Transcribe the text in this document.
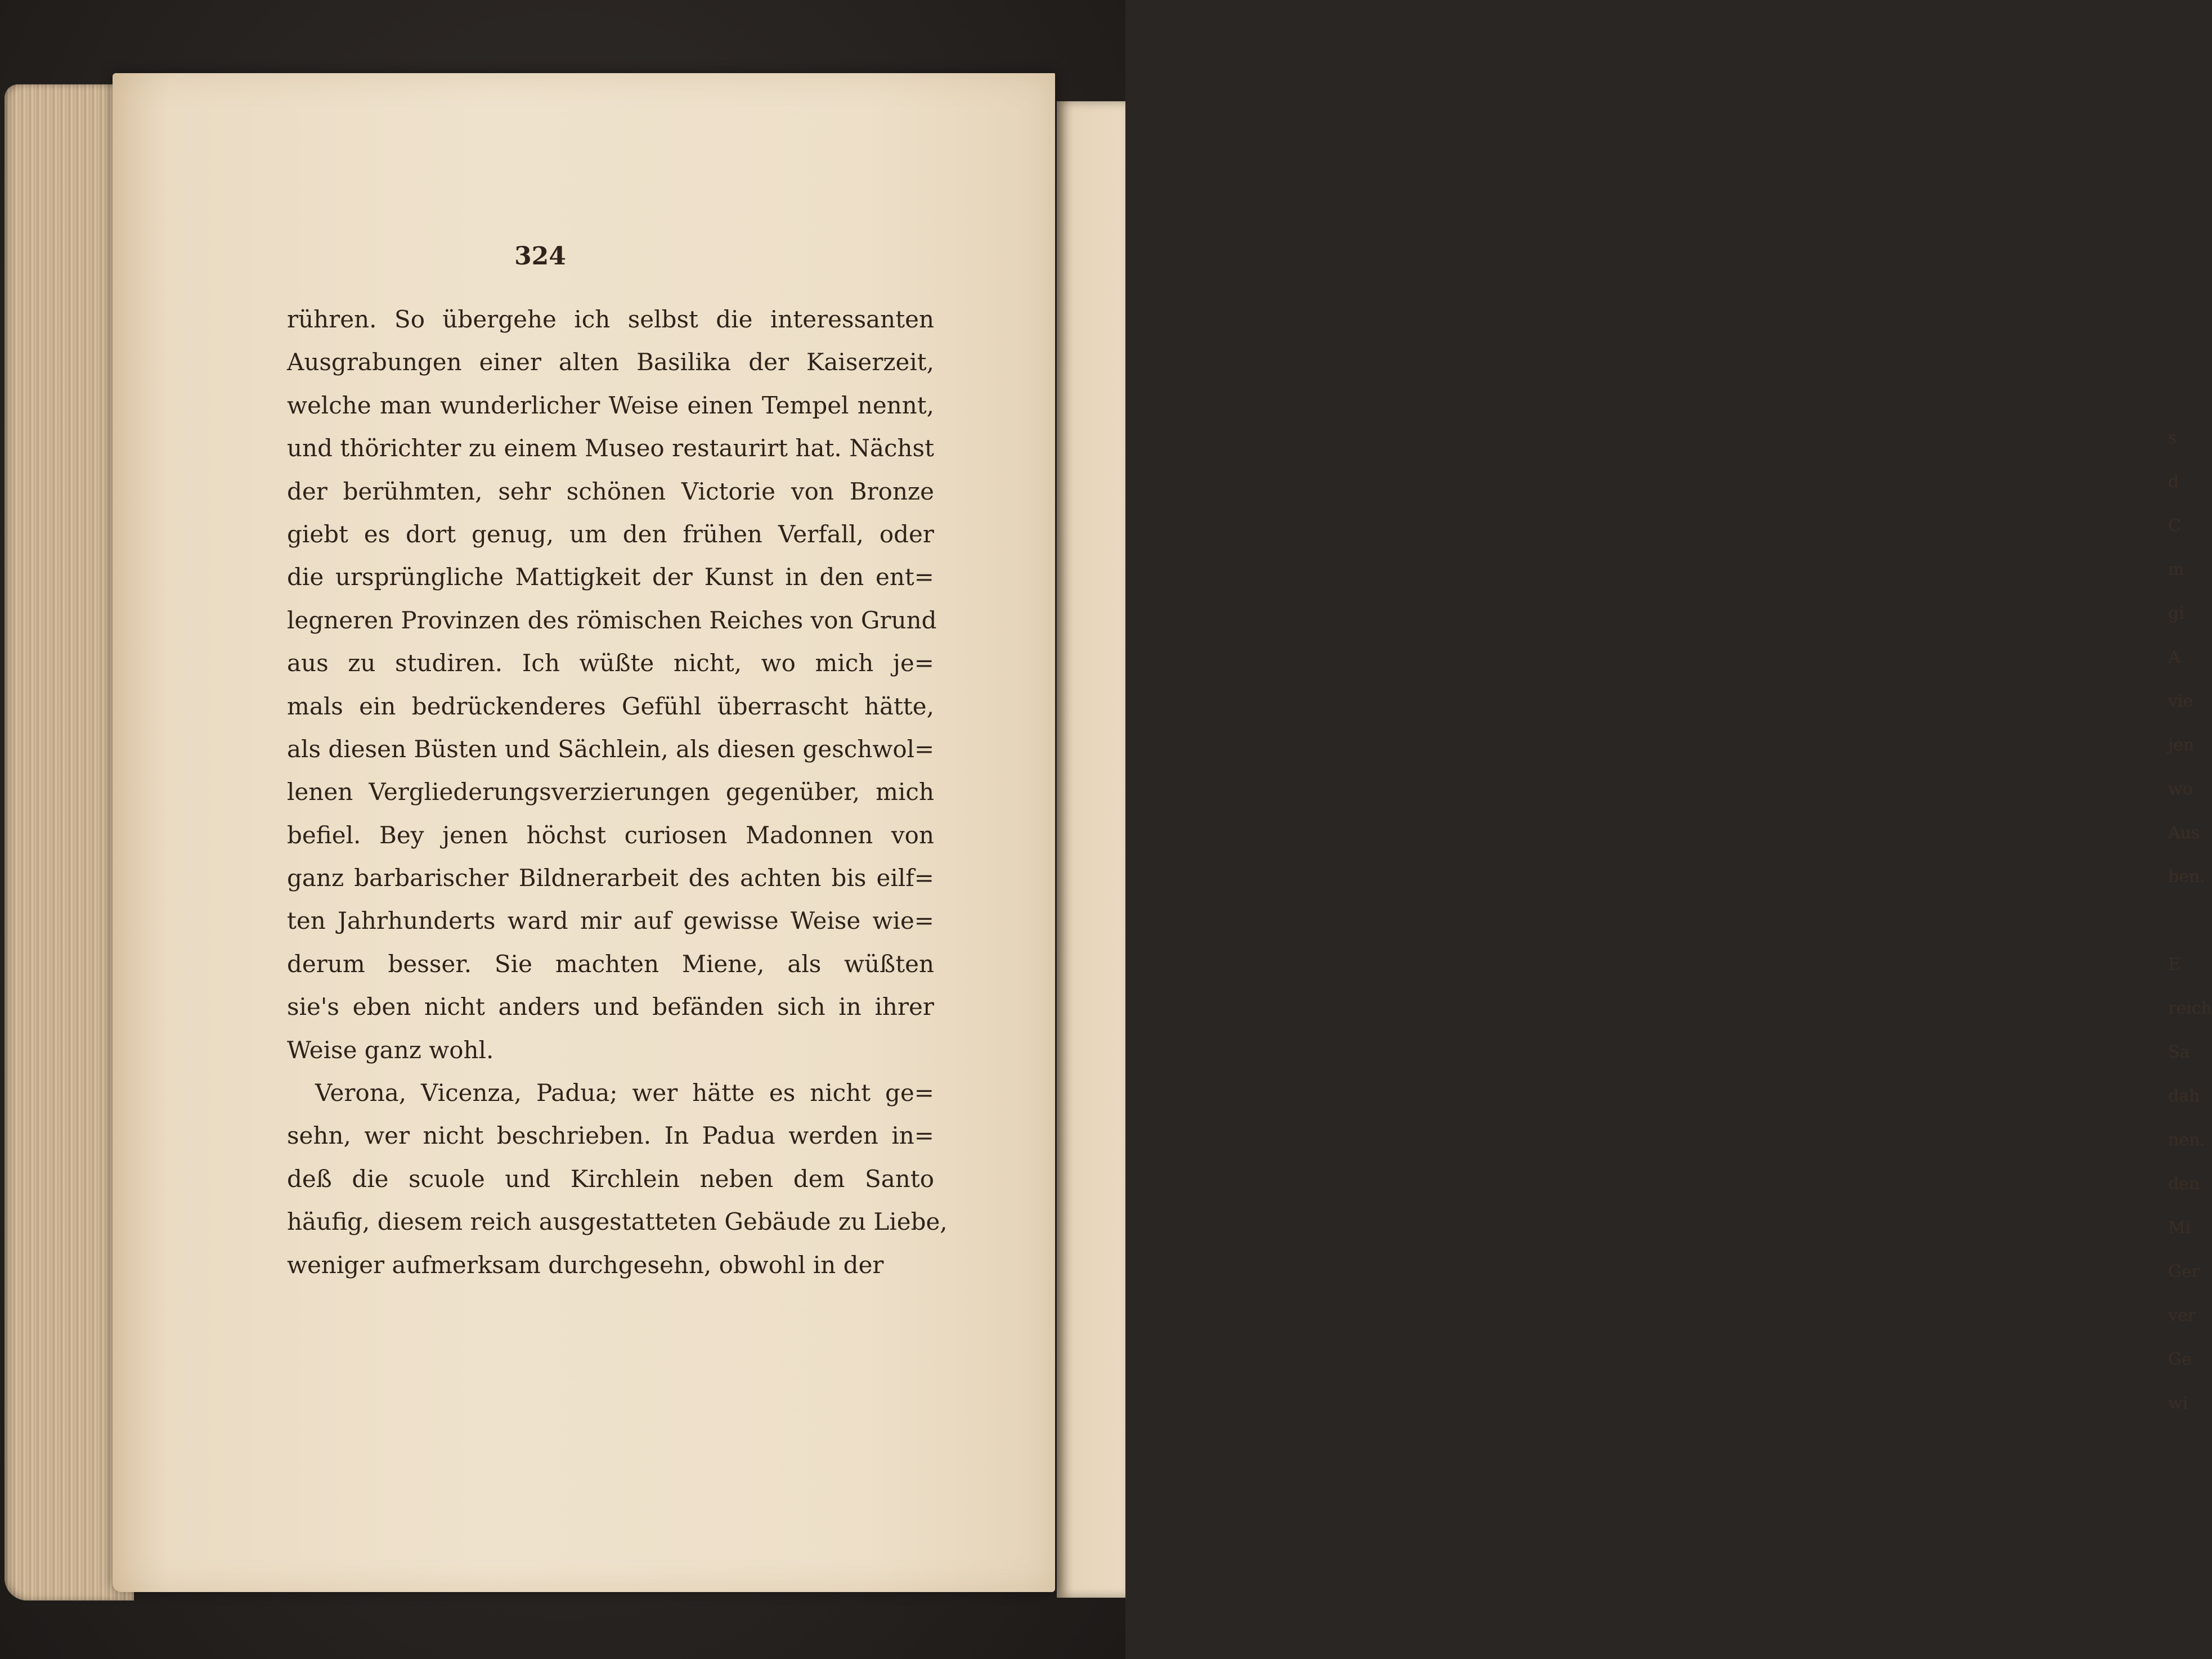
s
d
C
m
gi
A
vie
jen
wo
Aus
ben.
E
reich
Sa
dah
nen.
den
Mi
Ger
ver
Ge
wi
324
rühren. So übergehe ich selbst die interessanten
Ausgrabungen einer alten Basilika der Kaiserzeit,
welche man wunderlicher Weise einen Tempel nennt,
und thörichter zu einem Museo restaurirt hat. Nächst
der berühmten, sehr schönen Victorie von Bronze
giebt es dort genug, um den frühen Verfall, oder
die ursprüngliche Mattigkeit der Kunst in den ent=
legneren Provinzen des römischen Reiches von Grund
aus zu studiren. Ich wüßte nicht, wo mich je=
mals ein bedrückenderes Gefühl überrascht hätte,
als diesen Büsten und Sächlein, als diesen geschwol=
lenen Vergliederungsverzierungen gegenüber, mich
befiel. Bey jenen höchst curiosen Madonnen von
ganz barbarischer Bildnerarbeit des achten bis eilf=
ten Jahrhunderts ward mir auf gewisse Weise wie=
derum besser. Sie machten Miene, als wüßten
sie's eben nicht anders und befänden sich in ihrer
Weise ganz wohl.
Verona, Vicenza, Padua; wer hätte es nicht ge=
sehn, wer nicht beschrieben. In Padua werden in=
deß die scuole und Kirchlein neben dem Santo
häufig, diesem reich ausgestatteten Gebäude zu Liebe,
weniger aufmerksam durchgesehn, obwohl in der
